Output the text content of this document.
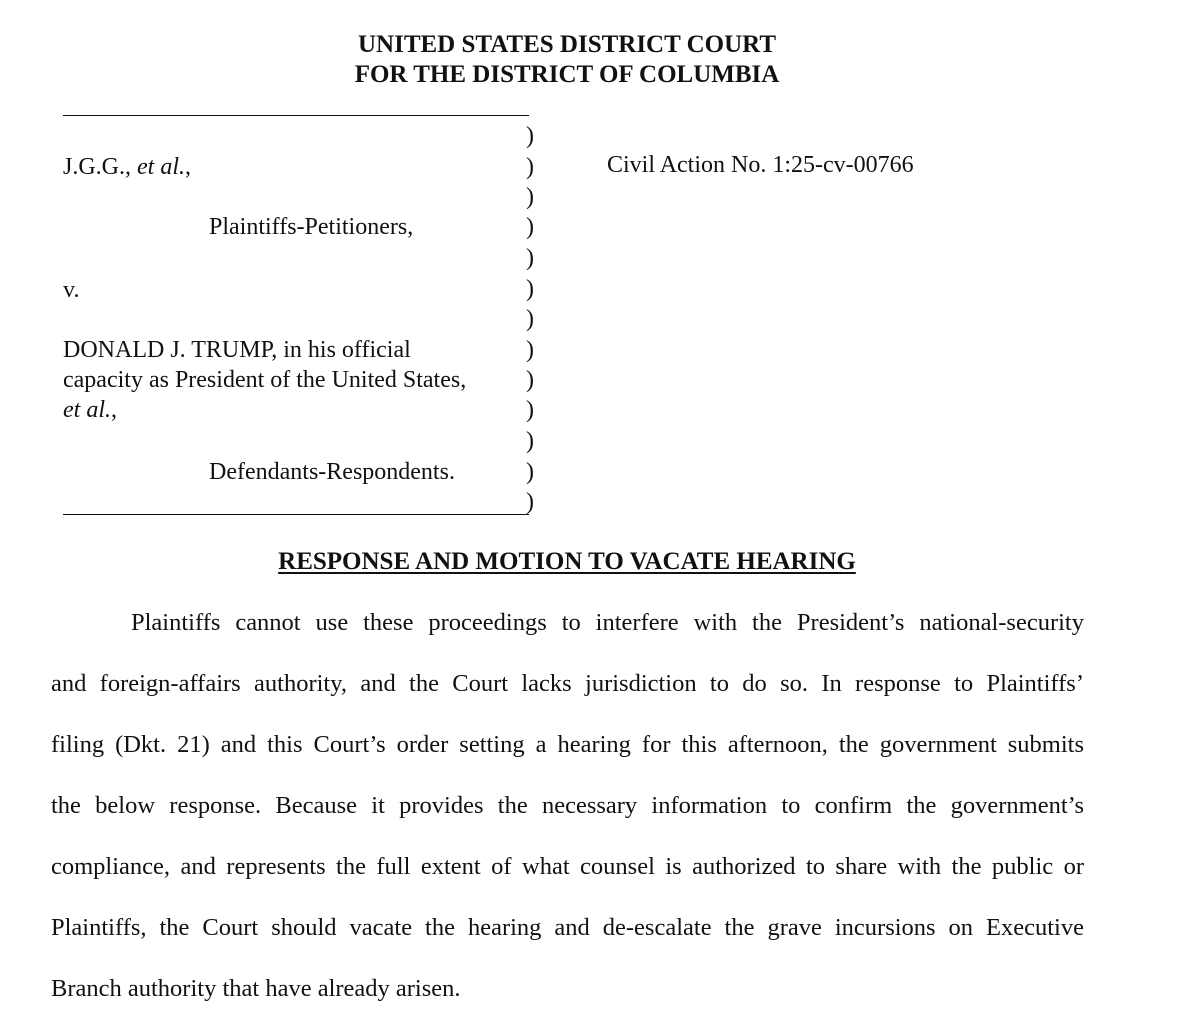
UNITED STATES DISTRICT COURT
FOR THE DISTRICT OF COLUMBIA
J.G.G., et al.,
Plaintiffs-Petitioners,
v.
DONALD J. TRUMP, in his official
capacity as President of the United States,
et al.,
Defendants-Respondents.
)
)
)
)
)
)
)
)
)
)
)
)
)
Civil Action No. 1:25-cv-00766
RESPONSE AND MOTION TO VACATE HEARING
Plaintiffs cannot use these proceedings to interfere with the President’s national-security
and foreign-affairs authority, and the Court lacks jurisdiction to do so. In response to Plaintiffs’
filing (Dkt. 21) and this Court’s order setting a hearing for this afternoon, the government submits
the below response. Because it provides the necessary information to confirm the government’s
compliance, and represents the full extent of what counsel is authorized to share with the public or
Plaintiffs, the Court should vacate the hearing and de-escalate the grave incursions on Executive
Branch authority that have already arisen.
